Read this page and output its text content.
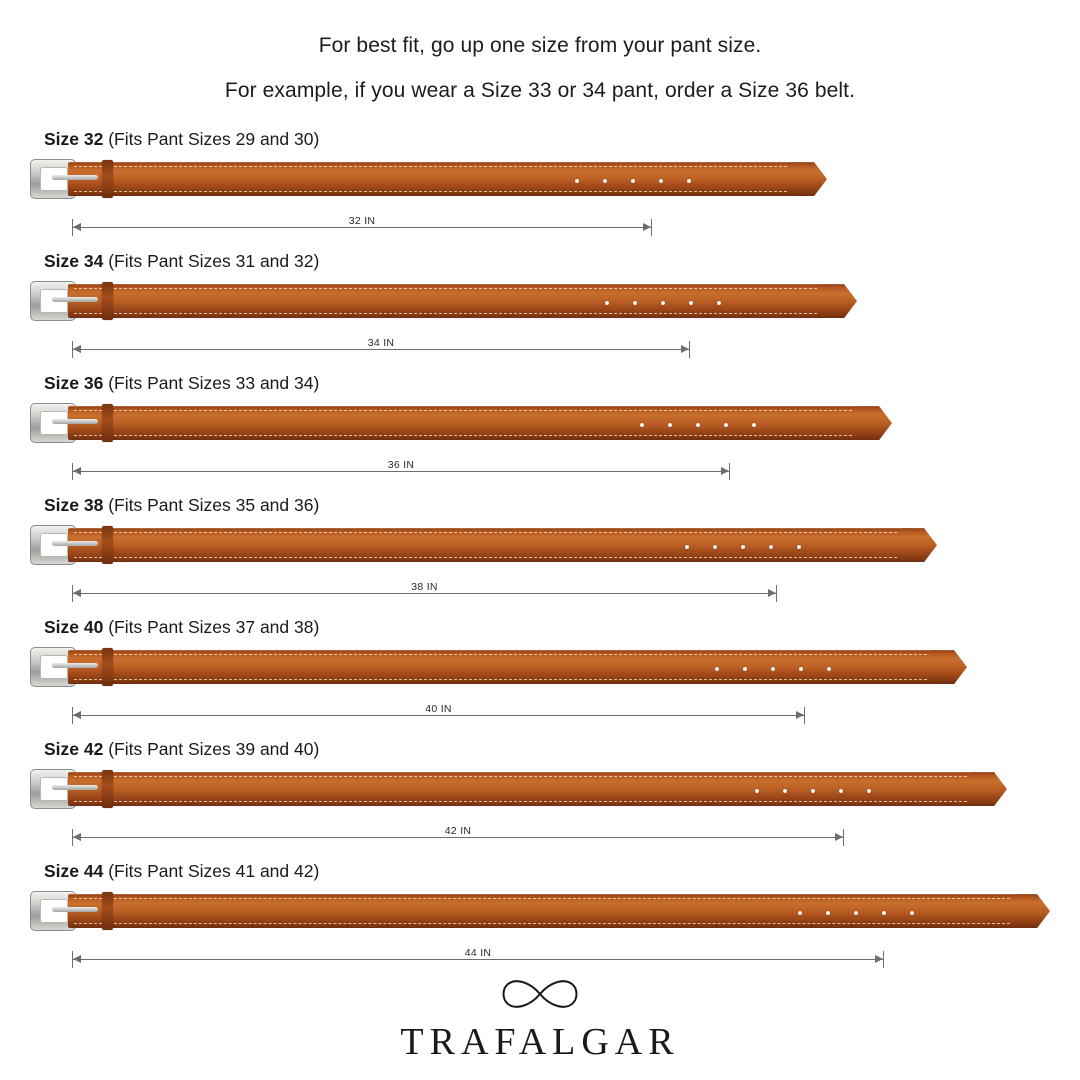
For best fit, go up one size from your pant size.
For example, if you wear a Size 33 or 34 pant, order a Size 36 belt.
Size 32 (Fits Pant Sizes 29 and 30)
32 IN
Size 34 (Fits Pant Sizes 31 and 32)
34 IN
Size 36 (Fits Pant Sizes 33 and 34)
36 IN
Size 38 (Fits Pant Sizes 35 and 36)
38 IN
Size 40 (Fits Pant Sizes 37 and 38)
40 IN
Size 42 (Fits Pant Sizes 39 and 40)
42 IN
Size 44 (Fits Pant Sizes 41 and 42)
44 IN
TRAFALGAR
